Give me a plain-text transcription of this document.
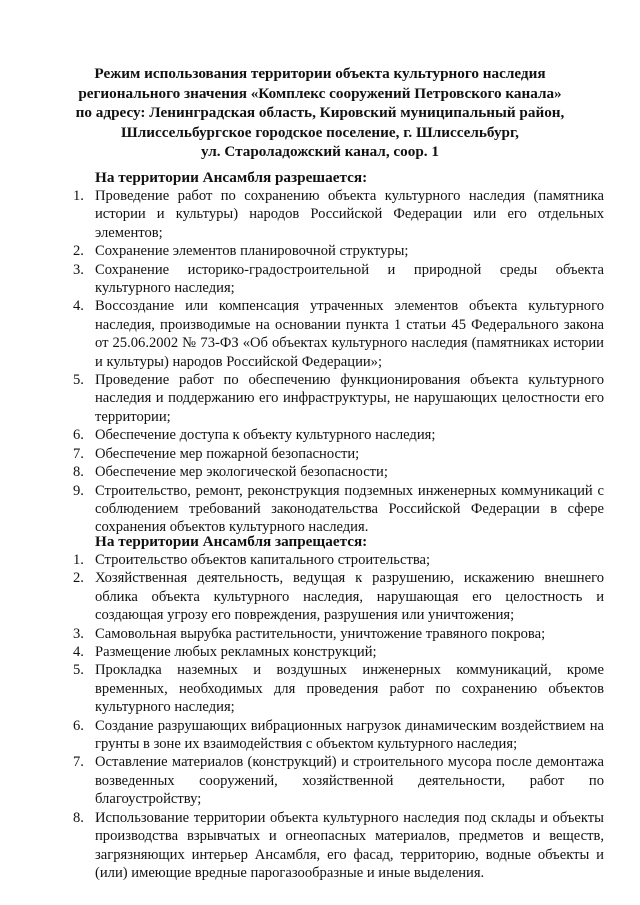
Режим использования территории объекта культурного наследия
регионального значения «Комплекс сооружений Петровского канала»
по адресу: Ленинградская область, Кировский муниципальный район,
Шлиссельбургское городское поселение, г. Шлиссельбург,
ул. Староладожский канал, соор. 1
На территории Ансамбля разрешается:
1. Проведение работ по сохранению объекта культурного наследия (памятника истории и культуры) народов Российской Федерации или его отдельных элементов;
2. Сохранение элементов планировочной структуры;
3. Сохранение историко-градостроительной и природной среды объекта культурного наследия;
4. Воссоздание или компенсация утраченных элементов объекта культурного наследия, производимые на основании пункта 1 статьи 45 Федерального закона от 25.06.2002 № 73-ФЗ «Об объектах культурного наследия (памятниках истории и культуры) народов Российской Федерации»;
5. Проведение работ по обеспечению функционирования объекта культурного наследия и поддержанию его инфраструктуры, не нарушающих целостности его территории;
6. Обеспечение доступа к объекту культурного наследия;
7. Обеспечение мер пожарной безопасности;
8. Обеспечение мер экологической безопасности;
9. Строительство, ремонт, реконструкция подземных инженерных коммуникаций с соблюдением требований законодательства Российской Федерации в сфере сохранения объектов культурного наследия.
На территории Ансамбля запрещается:
1. Строительство объектов капитального строительства;
2. Хозяйственная деятельность, ведущая к разрушению, искажению внешнего облика объекта культурного наследия, нарушающая его целостность и создающая угрозу его повреждения, разрушения или уничтожения;
3. Самовольная вырубка растительности, уничтожение травяного покрова;
4. Размещение любых рекламных конструкций;
5. Прокладка наземных и воздушных инженерных коммуникаций, кроме временных, необходимых для проведения работ по сохранению объектов культурного наследия;
6. Создание разрушающих вибрационных нагрузок динамическим воздействием на грунты в зоне их взаимодействия с объектом культурного наследия;
7. Оставление материалов (конструкций) и строительного мусора после демонтажа возведенных сооружений, хозяйственной деятельности, работ по благоустройству;
8. Использование территории объекта культурного наследия под склады и объекты производства взрывчатых и огнеопасных материалов, предметов и веществ, загрязняющих интерьер Ансамбля, его фасад, территорию, водные объекты и (или) имеющие вредные парогазообразные и иные выделения.
